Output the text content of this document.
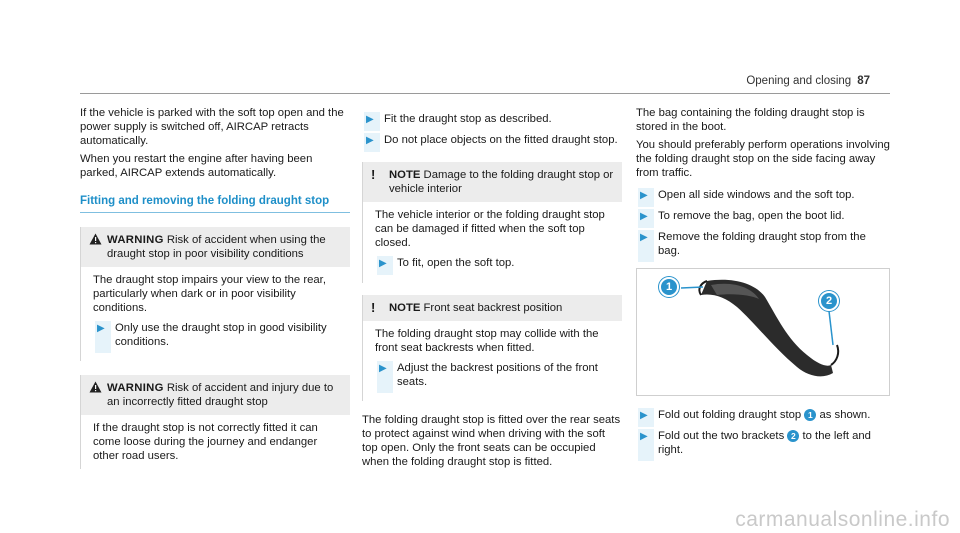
Opening and closing 87

If the vehicle is parked with the soft top open and the power supply is switched off, AIRCAP retracts automatically.

When you restart the engine after having been parked, AIRCAP extends automatically.

Fitting and removing the folding draught stop
WARNING Risk of accident when using the draught stop in poor visibility conditions

The draught stop impairs your view to the rear, particularly when dark or in poor visibility conditions.

▶ Only use the draught stop in good visibility conditions.
WARNING Risk of accident and injury due to an incorrectly fitted draught stop

If the draught stop is not correctly fitted it can come loose during the journey and endanger other road users.

▶ Fit the draught stop as described.
▶ Do not place objects on the fitted draught stop.
!	NOTE Damage to the folding draught stop or vehicle interior

The vehicle interior or the folding draught stop can be damaged if fitted when the soft top closed.

▶ To fit, open the soft top.
!	NOTE Front seat backrest position

The folding draught stop may collide with the front seat backrests when fitted.

▶ Adjust the backrest positions of the front seats.

The folding draught stop is fitted over the rear seats to protect against wind when driving with the soft top open. Only the front seats can be occupied when the folding draught stop is fitted.

The bag containing the folding draught stop is stored in the boot.

You should preferably perform operations involving the folding draught stop on the side facing away from traffic.

▶ Open all side windows and the soft top.
▶ To remove the bag, open the boot lid.
▶ Remove the folding draught stop from the bag.
1
2
▶ Fold out folding draught stop 1 as shown.
▶ Fold out the two brackets 2 to the left and right.
carmanualsonline.info
